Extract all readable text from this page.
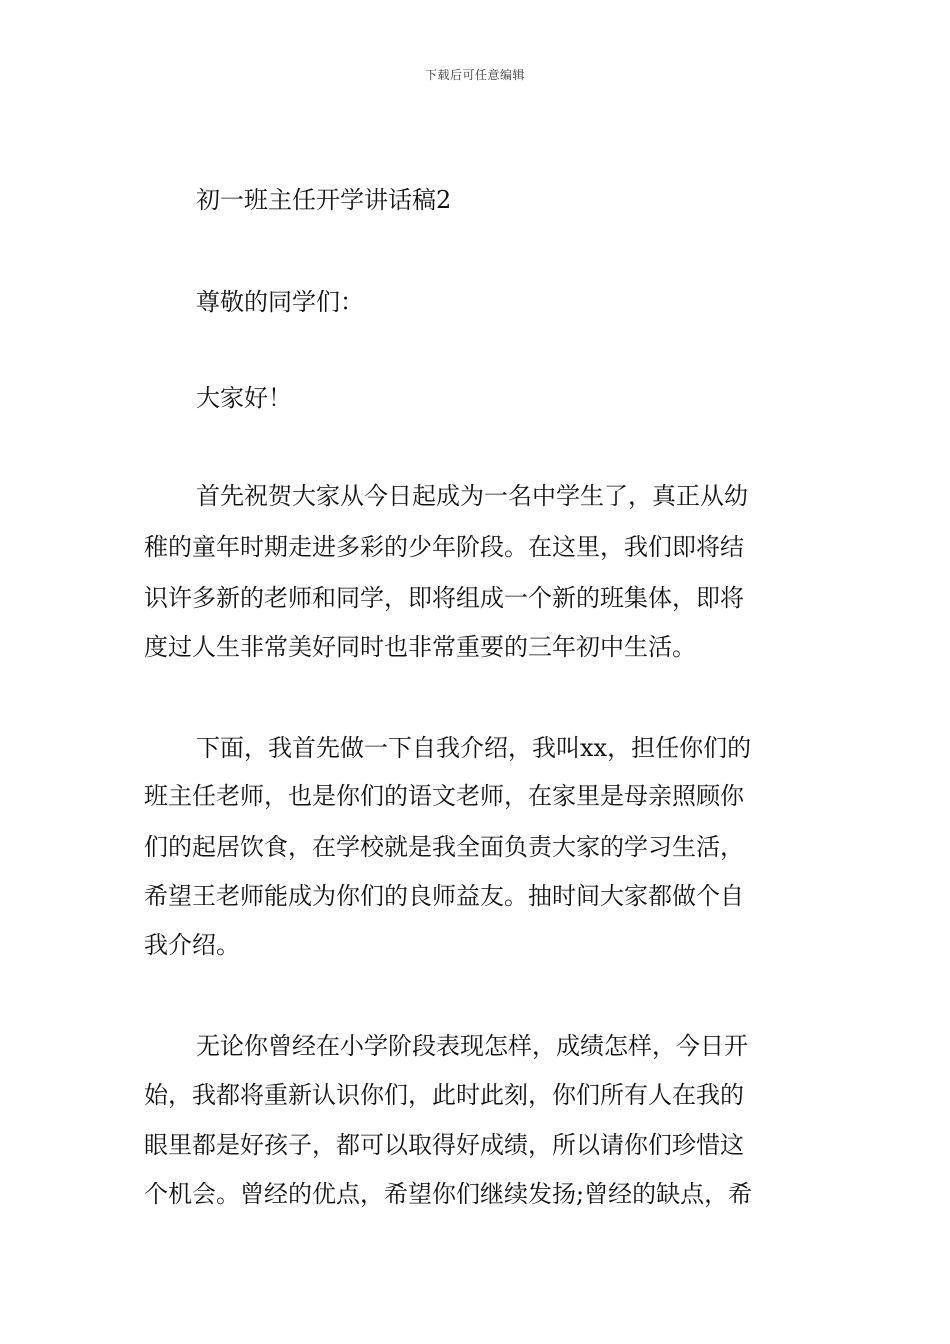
下载后可任意编辑
初一班主任开学讲话稿2
尊敬的同学们：
大家好！
首先祝贺大家从今日起成为一名中学生了，真正从幼
稚的童年时期走进多彩的少年阶段。在这里，我们即将结
识许多新的老师和同学，即将组成一个新的班集体，即将
度过人生非常美好同时也非常重要的三年初中生活。
下面，我首先做一下自我介绍，我叫xx，担任你们的
班主任老师，也是你们的语文老师，在家里是母亲照顾你
们的起居饮食，在学校就是我全面负责大家的学习生活，
希望王老师能成为你们的良师益友。抽时间大家都做个自
我介绍。
无论你曾经在小学阶段表现怎样，成绩怎样，今日开
始，我都将重新认识你们，此时此刻，你们所有人在我的
眼里都是好孩子，都可以取得好成绩，所以请你们珍惜这
个机会。曾经的优点，希望你们继续发扬;曾经的缺点，希
